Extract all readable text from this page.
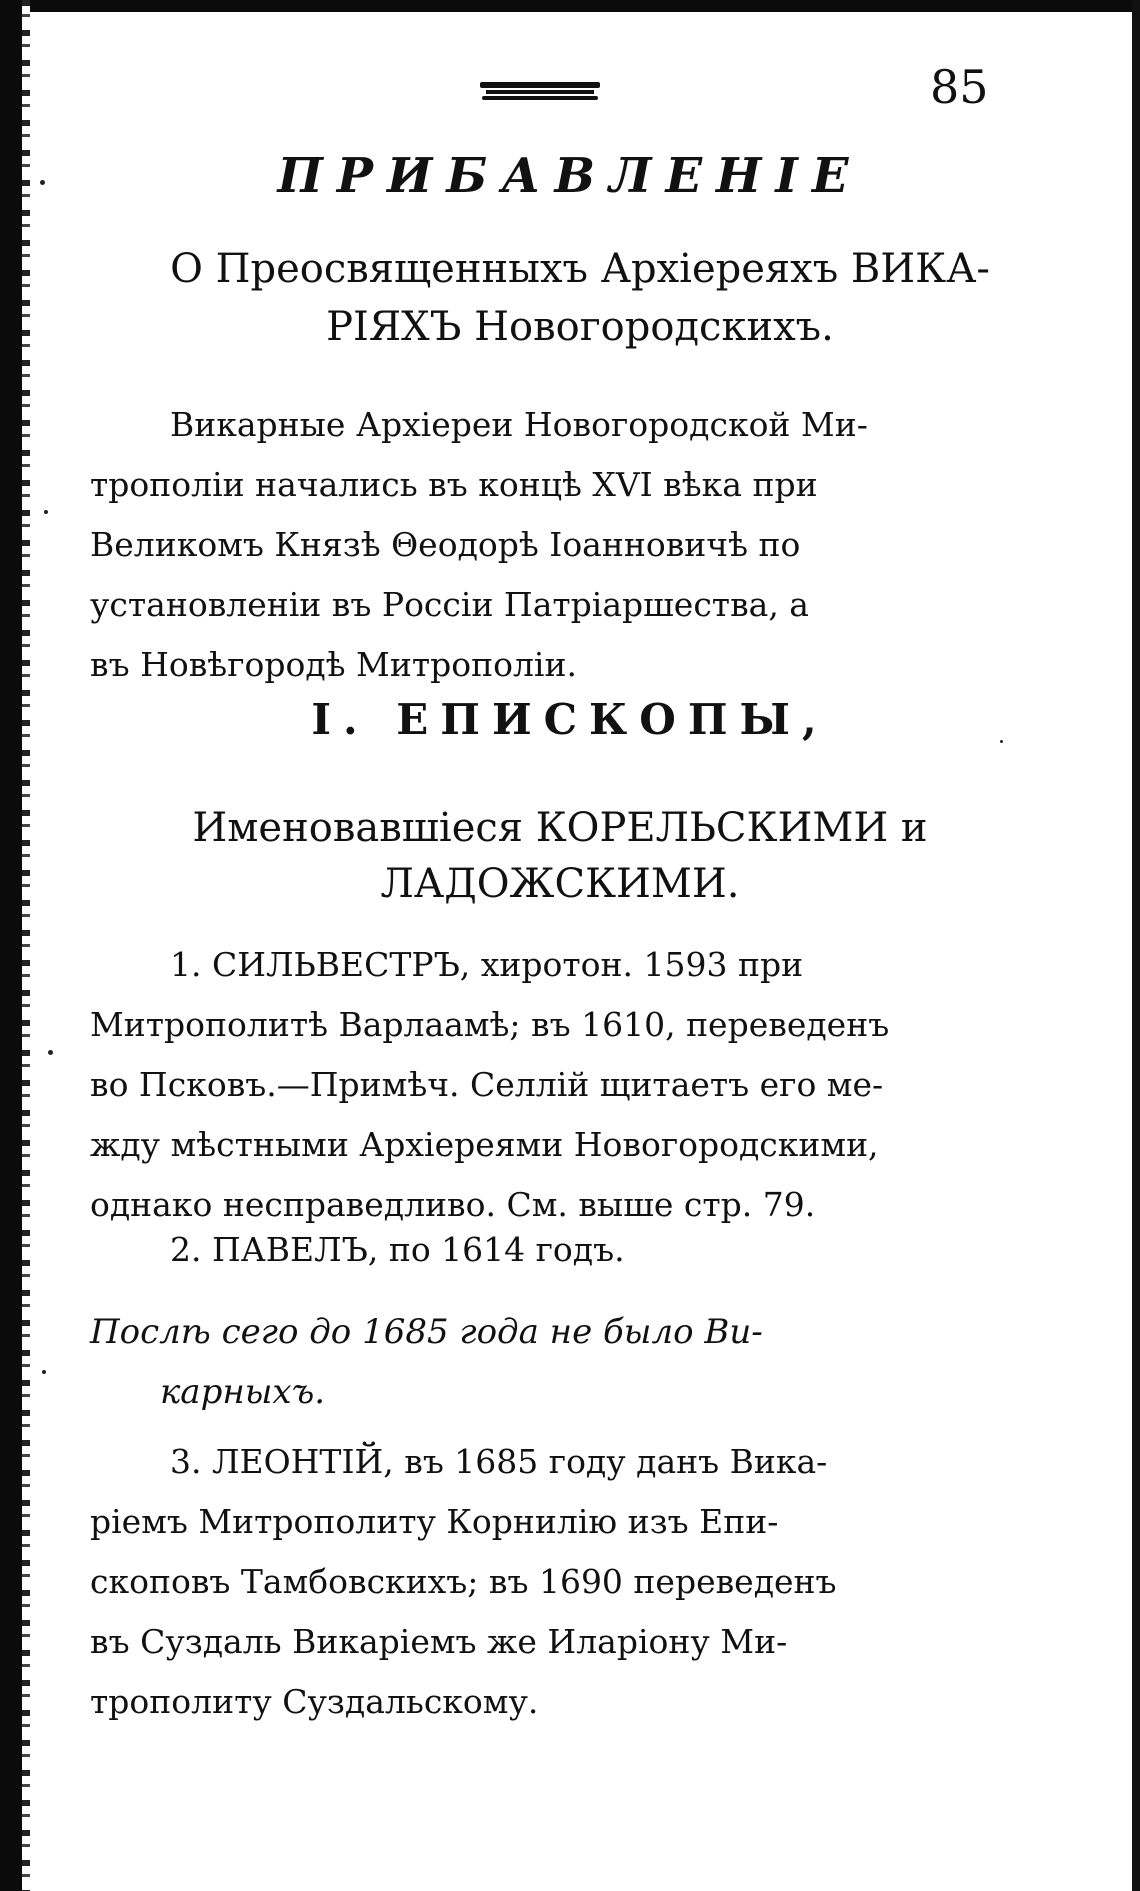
85
ПРИБАВЛЕНІЕ
О Преосвященныхъ Архіереяхъ ВИКА-
РІЯХЪ Новогородскихъ.
Викарные Архіереи Новогородской Ми-
трополіи начались въ концѣ XVI вѣка при
Великомъ Князѣ Θеодорѣ Іоанновичѣ по
установленіи въ Россіи Патріаршества, а
въ Новѣгородѣ Митрополіи.
I. ЕПИСКОПЫ,
Именовавшіеся КОРЕЛЬСКИМИ и
ЛАДОЖСКИМИ.
1. СИЛЬВЕСТРЪ, хиротон. 1593 при
Митрополитѣ Варлаамѣ; въ 1610, переведенъ
во Псковъ.—Примѣч. Селлій щитаетъ его ме-
жду мѣстными Архіереями Новогородскими,
однако несправедливо. См. выше стр. 79.
2. ПАВЕЛЪ, по 1614 годъ.
Послѣ сего до 1685 года не было Ви-
карныхъ.
3. ЛЕОНТІЙ, въ 1685 году данъ Вика-
ріемъ Митрополиту Корнилію изъ Епи-
скоповъ Тамбовскихъ; въ 1690 переведенъ
въ Суздаль Викаріемъ же Иларіону Ми-
трополиту Суздальскому.
